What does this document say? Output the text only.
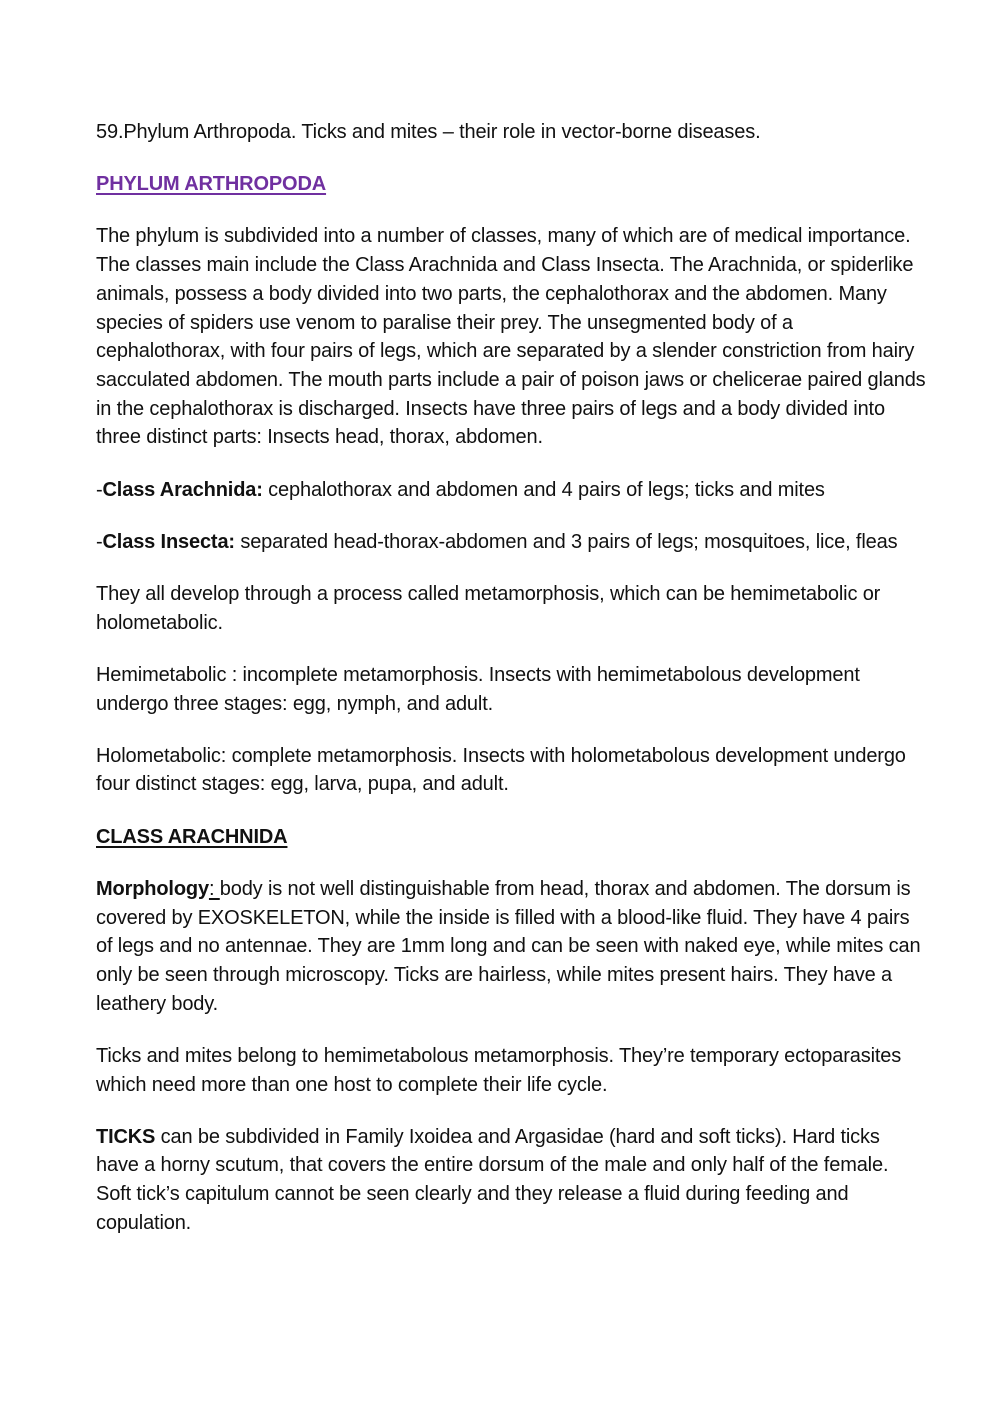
59.Phylum Arthropoda. Ticks and mites – their role in vector-borne diseases.

PHYLUM ARTHROPODA

The phylum is subdivided into a number of classes, many of which are of medical importance. The classes main include the Class Arachnida and Class Insecta. The Arachnida, or spiderlike animals, possess a body divided into two parts, the cephalothorax and the abdomen. Many species of spiders use venom to paralise their prey. The unsegmented body of a cephalothorax, with four pairs of legs, which are separated by a slender constriction from hairy sacculated abdomen. The mouth parts include a pair of poison jaws or chelicerae paired glands in the cephalothorax is discharged. Insects have three pairs of legs and a body divided into three distinct parts: Insects head, thorax, abdomen.

-Class Arachnida: cephalothorax and abdomen and 4 pairs of legs; ticks and mites

-Class Insecta: separated head-thorax-abdomen and 3 pairs of legs; mosquitoes, lice, fleas

They all develop through a process called metamorphosis, which can be hemimetabolic or holometabolic.

Hemimetabolic : incomplete metamorphosis. Insects with hemimetabolous development undergo three stages: egg, nymph, and adult.

Holometabolic: complete metamorphosis. Insects with holometabolous development undergo four distinct stages: egg, larva, pupa, and adult.

CLASS ARACHNIDA

Morphology: body is not well distinguishable from head, thorax and abdomen. The dorsum is covered by EXOSKELETON, while the inside is filled with a blood-like fluid. They have 4 pairs of legs and no antennae. They are 1mm long and can be seen with naked eye, while mites can only be seen through microscopy. Ticks are hairless, while mites present hairs. They have a leathery body.

Ticks and mites belong to hemimetabolous metamorphosis. They’re temporary ectoparasites which need more than one host to complete their life cycle.

TICKS can be subdivided in Family Ixoidea and Argasidae (hard and soft ticks). Hard ticks have a horny scutum, that covers the entire dorsum of the male and only half of the female. Soft tick’s capitulum cannot be seen clearly and they release a fluid during feeding and copulation.
